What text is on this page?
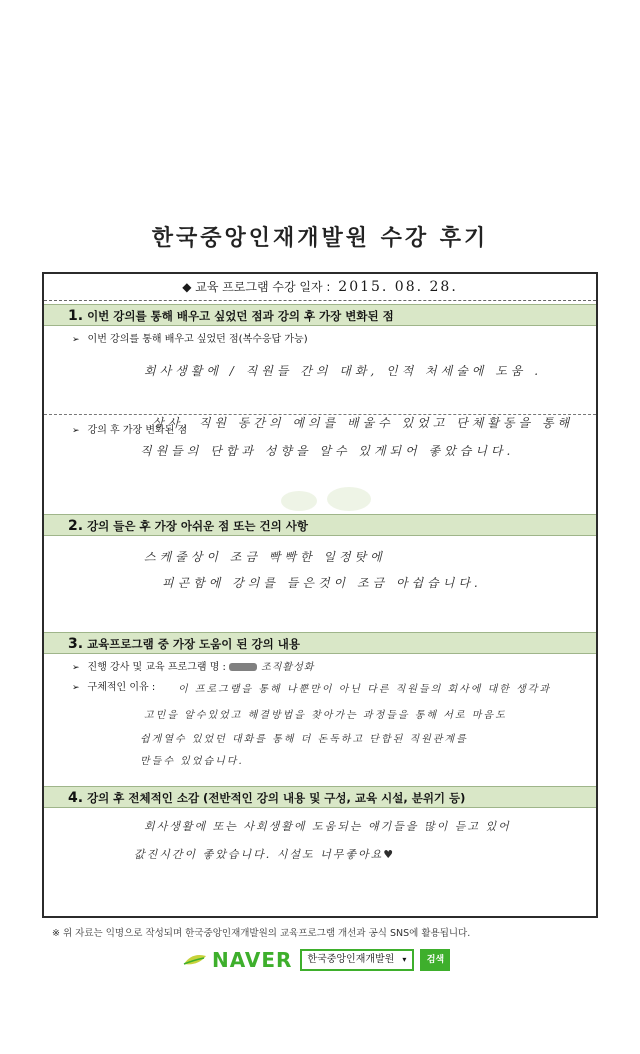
한국중앙인재개발원 수강 후기
◆ 교육 프로그램 수강 일자 : 2015. 08. 28.
1. 이번 강의를 통해 배우고 싶었던 점과 강의 후 가장 변화된 점
➢ 이번 강의를 통해 배우고 싶었던 점(복수응답 가능)
회사생활에 / 직원들 간의 대화, 인적 처세술에 도움 .
➢ 강의 후 가장 변화된 점
상사, 직원 동간의 예의를 배울수 있었고 단체활동을 통해
직원들의 단합과 성향을 알수 있게되어 좋았습니다.
2. 강의 들은 후 가장 아쉬운 점 또는 건의 사항
스케줄상이 조금 빡빡한 일정탓에
피곤함에 강의를 들은것이 조금 아쉽습니다.
3. 교육프로그램 중 가장 도움이 된 강의 내용
➢ 진행 강사 및 교육 프로그램 명 :	조직활성화
➢ 구체적인 이유 : 이 프로그램을 통해 나뿐만이 아닌 다른 직원들의 회사에 대한 생각과
고민을 알수있었고 해결방법을 찾아가는 과정들을 통해 서로 마음도
쉽게열수 있었던 대화를 통해 더 돈독하고 단합된 직원관계를
만들수 있었습니다.
4. 강의 후 전체적인 소감 (전반적인 강의 내용 및 구성, 교육 시설, 분위기 등)
회사생활에 또는 사회생활에 도움되는 얘기들을 많이 듣고 있어
값진시간이 좋았습니다. 시설도 너무좋아요♥
※ 위 자료는 익명으로 작성되며 한국중앙인재개발원의 교육프로그램 개선과 공식 SNS에 활용됩니다.
NAVER 한국중앙인재개발원 ▾	검색
